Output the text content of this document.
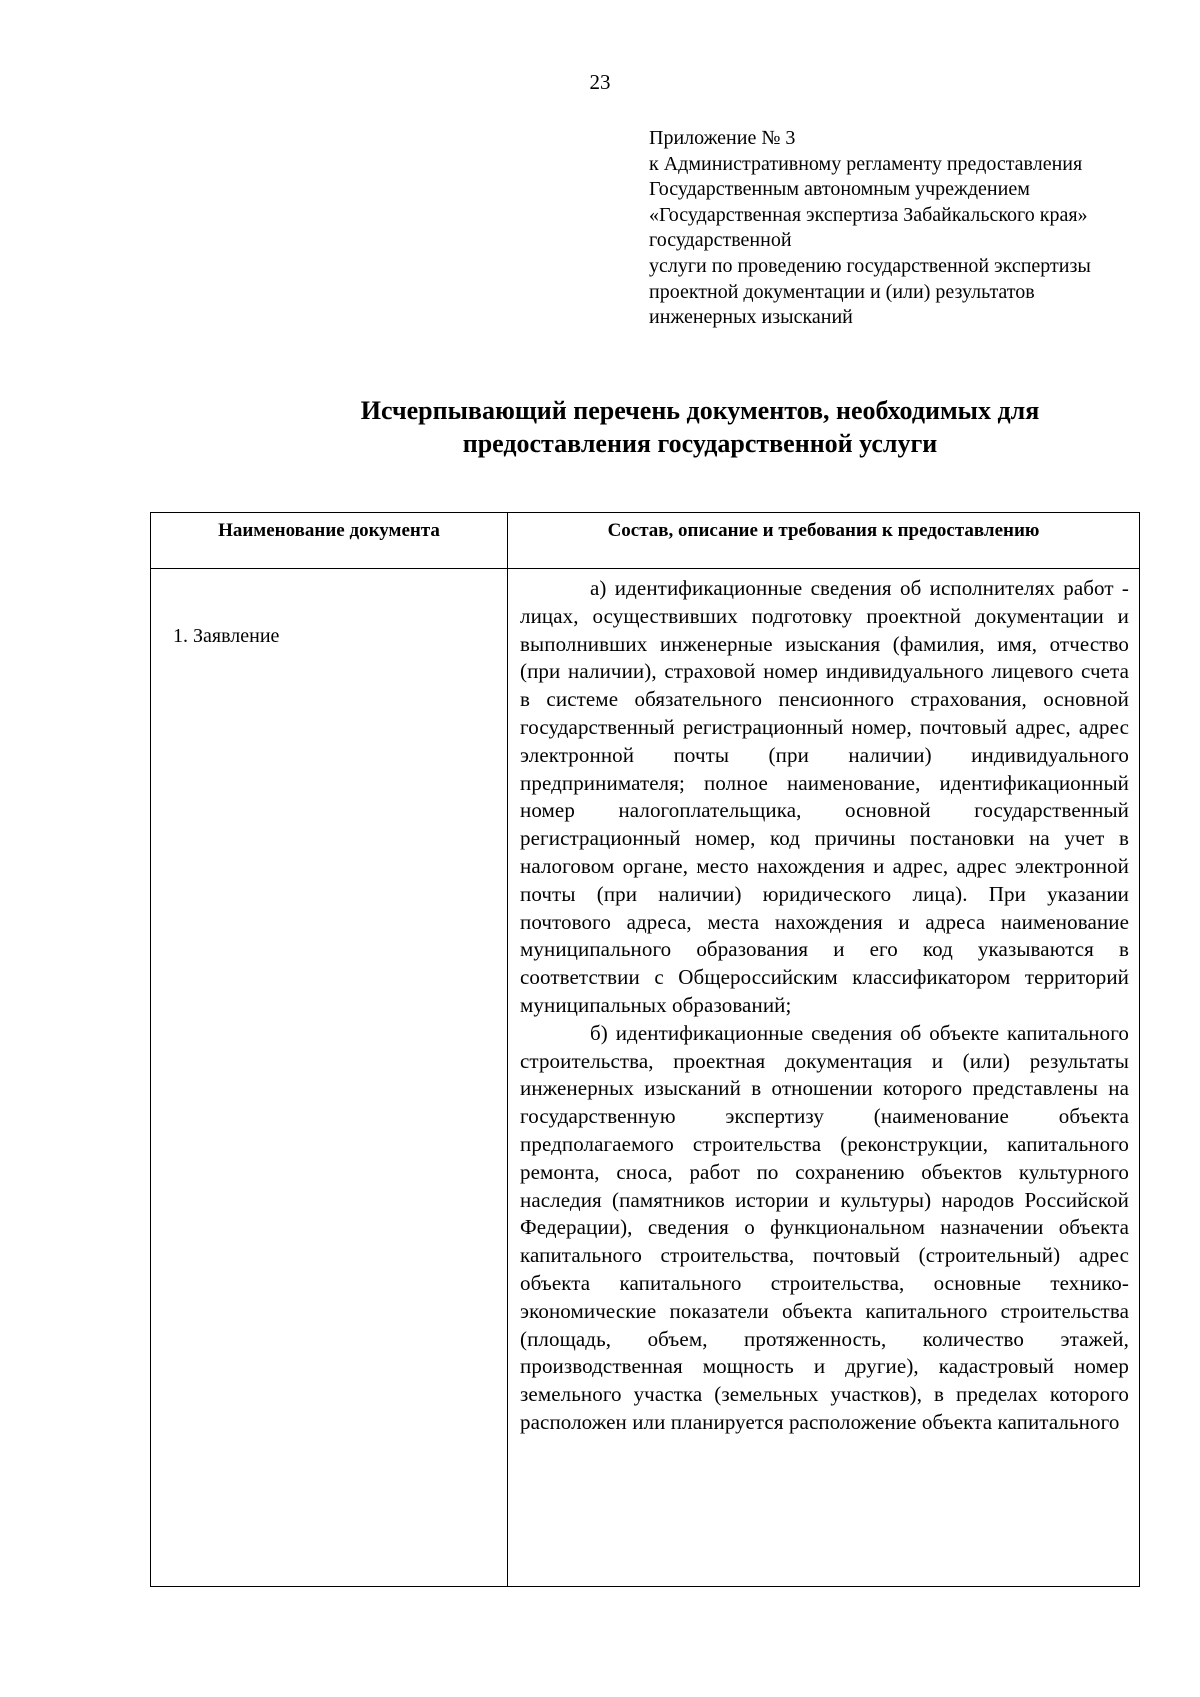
23
Приложение № 3
к Административному регламенту предоставления
Государственным автономным учреждением
«Государственная экспертиза Забайкальского края»
государственной
услуги по проведению государственной экспертизы
проектной документации и (или) результатов
инженерных изысканий
Исчерпывающий перечень документов, необходимых для
предоставления государственной услуги
Наименование документа	Состав, описание и требования к предоставлению
1. Заявление	а) идентификационные сведения об исполнителях работ - лицах, осуществивших подготовку проектной документации и выполнивших инженерные изыскания (фамилия, имя, отчество (при наличии), страховой номер индивидуального лицевого счета в системе обязательного пенсионного страхования, основной государственный регистрационный номер, почтовый адрес, адрес электронной почты (при наличии) индивидуального предпринимателя; полное наименование, идентификационный номер налогоплательщика, основной государственный регистрационный номер, код причины постановки на учет в налоговом органе, место нахождения и адрес, адрес электронной почты (при наличии) юридического лица). При указании почтового адреса, места нахождения и адреса наименование муниципального образования и его код указываются в соответствии с Общероссийским классификатором территорий муниципальных образований;

б) идентификационные сведения об объекте капитального строительства, проектная документация и (или) результаты инженерных изысканий в отношении которого представлены на государственную экспертизу (наименование объекта предполагаемого строительства (реконструкции, капитального ремонта, сноса, работ по сохранению объектов культурного наследия (памятников истории и культуры) народов Российской Федерации), сведения о функциональном назначении объекта капитального строительства, почтовый (строительный) адрес объекта капитального строительства, основные технико-экономические показатели объекта капитального строительства (площадь, объем, протяженность, количество этажей, производственная мощность и другие), кадастровый номер земельного участка (земельных участков), в пределах которого расположен или планируется расположение объекта капитального
